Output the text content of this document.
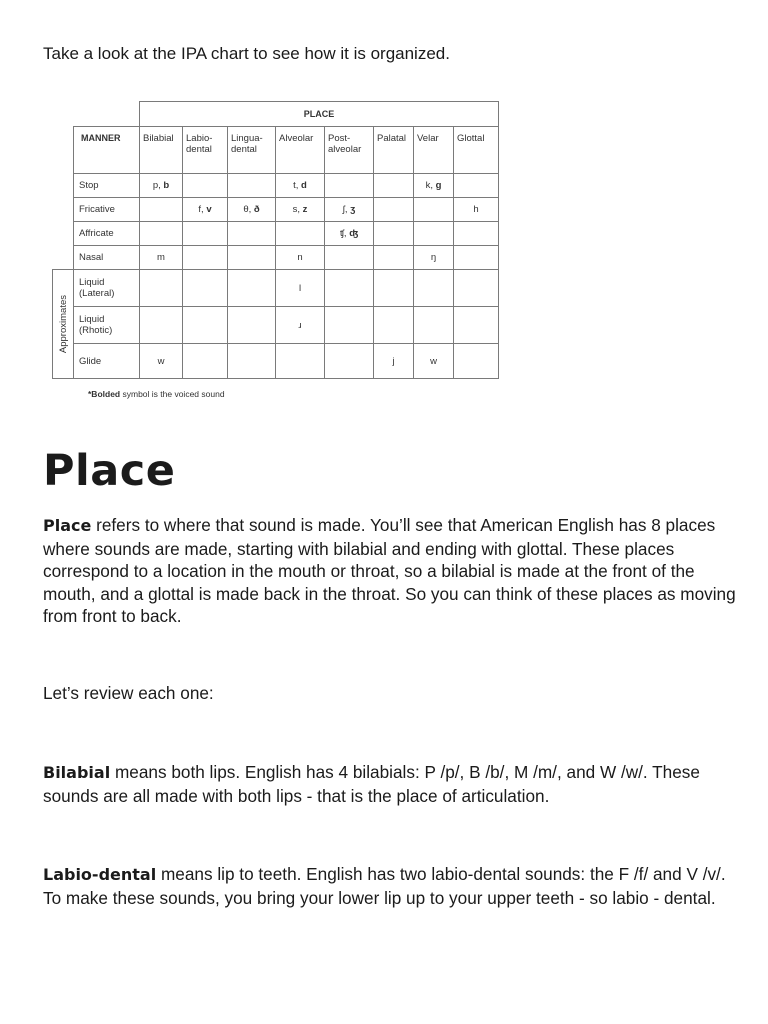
Take a look at the IPA chart to see how it is organized.

		PLACE							
	MANNER	Bilabial	Labio-
dental	Lingua-
dental	Alveolar	Post-
alveolar	Palatal	Velar	Glottal
	Stop	p, b			t, d			k, g	
	Fricative		f, v	θ, ð	s, z	ʃ, ʒ			h
	Affricate					ʧ, ʤ			
	Nasal	m			n			ŋ	

Approximates	Liquid
(Lateral)				l				
	Liquid
(Rhotic)				ɹ				
	Glide	w					j	w	

*Bolded symbol is the voiced sound

Place

Place refers to where that sound is made. You’ll see that American English has 8 places where sounds are made, starting with bilabial and ending with glottal. These places correspond to a location in the mouth or throat, so a bilabial is made at the front of the mouth, and a glottal is made back in the throat. So you can think of these places as moving from front to back.

Let’s review each one:

Bilabial means both lips. English has 4 bilabials: P /p/, B /b/, M /m/, and W /w/. These sounds are all made with both lips - that is the place of articulation.

Labio-dental means lip to teeth. English has two labio-dental sounds: the F /f/ and V /v/. To make these sounds, you bring your lower lip up to your upper teeth - so labio - dental.
